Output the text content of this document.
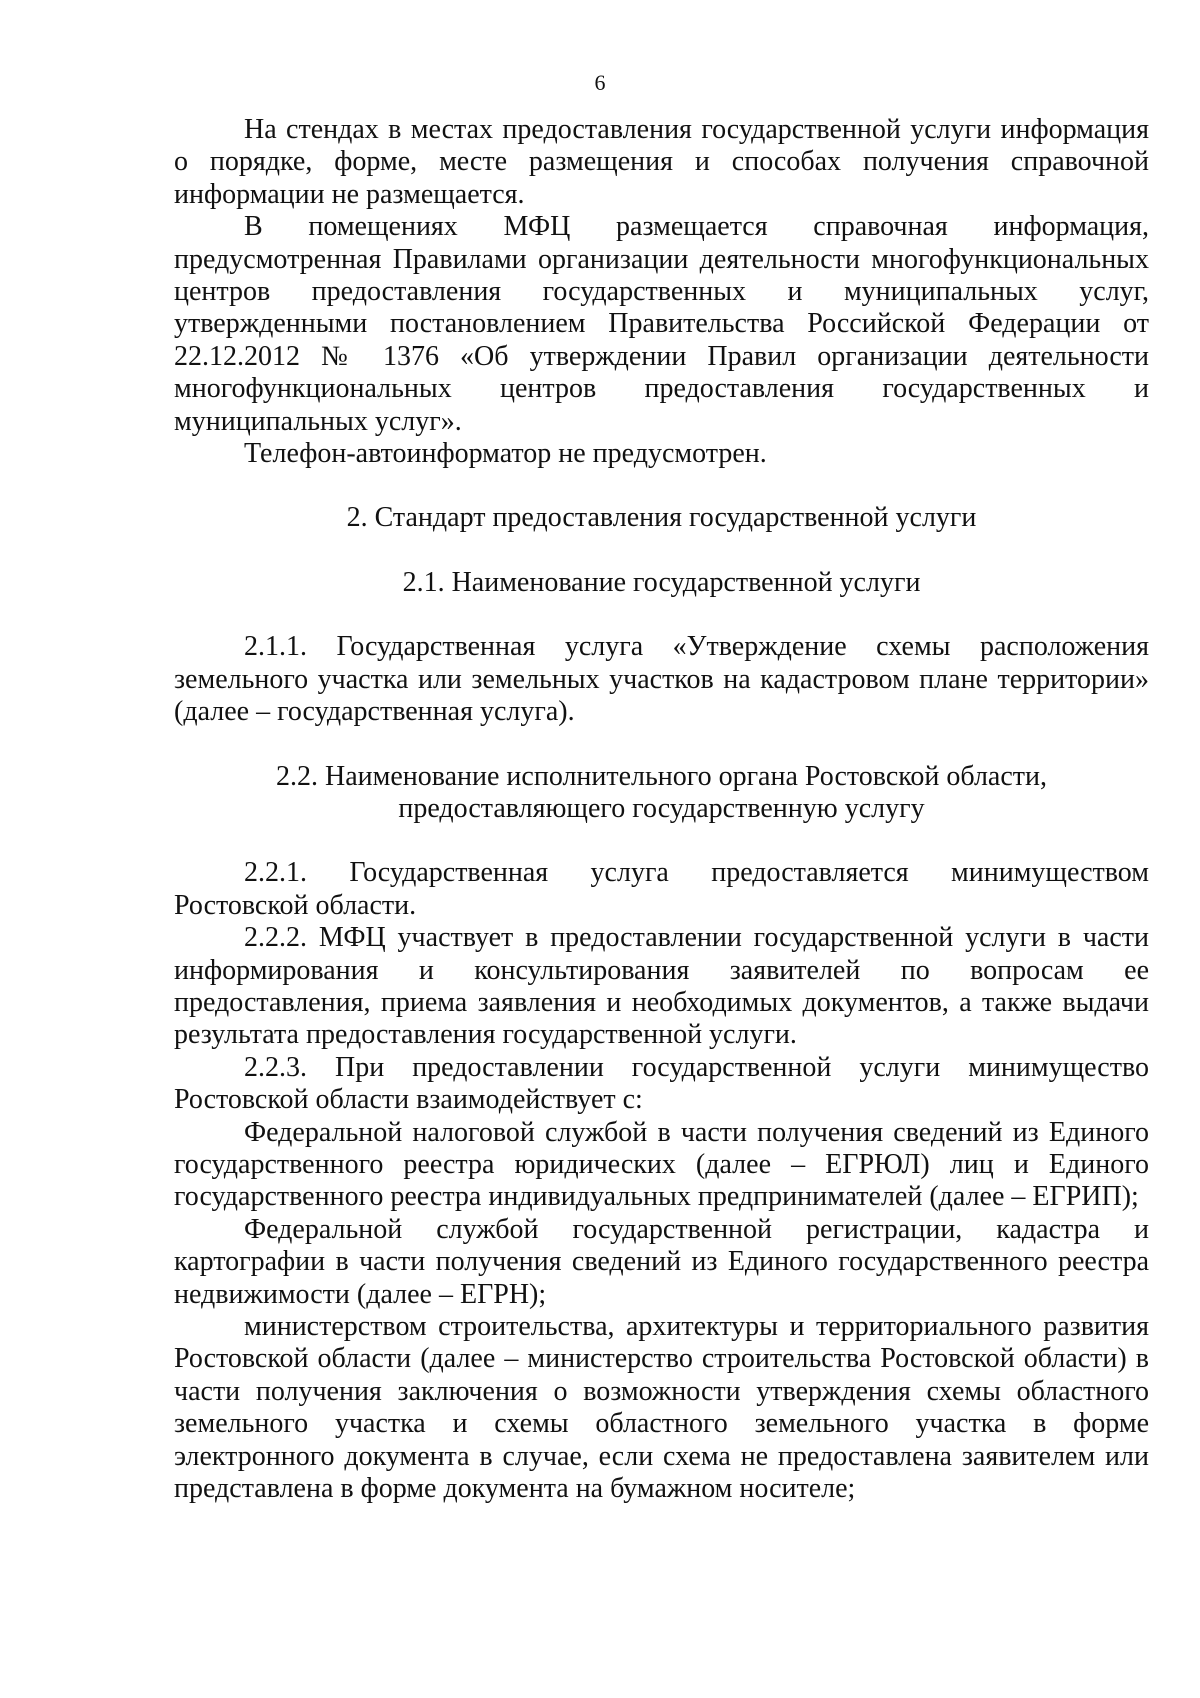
6

На стендах в местах предоставления государственной услуги информация о порядке, форме, месте размещения и способах получения справочной информации не размещается.

В помещениях МФЦ размещается справочная информация, предусмотренная Правилами организации деятельности многофункциональных центров предоставления государственных и муниципальных услуг, утвержденными постановлением Правительства Российской Федерации от 22.12.2012 № 1376 «Об утверждении Правил организации деятельности многофункциональных центров предоставления государственных и муниципальных услуг».

Телефон-автоинформатор не предусмотрен.

2. Стандарт предоставления государственной услуги

2.1. Наименование государственной услуги

2.1.1. Государственная услуга «Утверждение схемы расположения земельного участка или земельных участков на кадастровом плане территории» (далее – государственная услуга).

2.2. Наименование исполнительного органа Ростовской области,

предоставляющего государственную услугу

2.2.1. Государственная услуга предоставляется минимуществом Ростовской области.

2.2.2. МФЦ участвует в предоставлении государственной услуги в части информирования и консультирования заявителей по вопросам ее предоставления, приема заявления и необходимых документов, а также выдачи результата предоставления государственной услуги.

2.2.3. При предоставлении государственной услуги минимущество Ростовской области взаимодействует с:

Федеральной налоговой службой в части получения сведений из Единого государственного реестра юридических (далее – ЕГРЮЛ) лиц и Единого государственного реестра индивидуальных предпринимателей (далее – ЕГРИП);

Федеральной службой государственной регистрации, кадастра и картографии в части получения сведений из Единого государственного реестра недвижимости (далее – ЕГРН);

министерством строительства, архитектуры и территориального развития Ростовской области (далее – министерство строительства Ростовской области) в части получения заключения о возможности утверждения схемы областного земельного участка и схемы областного земельного участка в форме электронного документа в случае, если схема не предоставлена заявителем или представлена в форме документа на бумажном носителе;
